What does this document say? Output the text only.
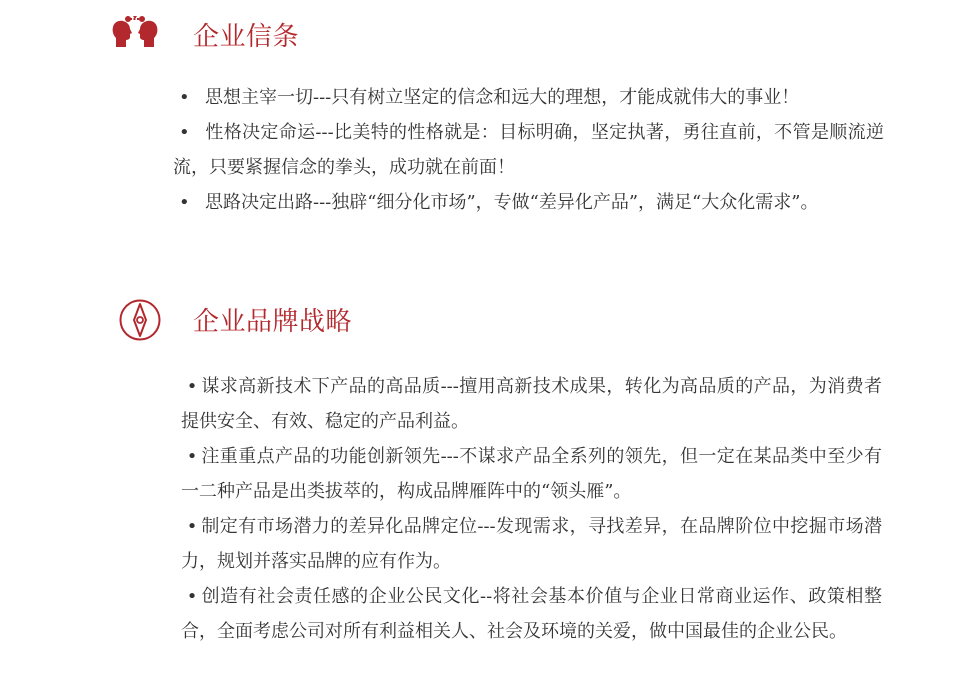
企业信条
• 思想主宰一切---只有树立坚定的信念和远大的理想，才能成就伟大的事业！
• 性格决定命运---比美特的性格就是：目标明确，坚定执著，勇往直前，不管是顺流逆流，只要紧握信念的拳头，成功就在前面！
• 思路决定出路---独辟“细分化市场”，专做“差异化产品”，满足“大众化需求”。
企业品牌战略
• 谋求高新技术下产品的高品质---擅用高新技术成果，转化为高品质的产品，为消费者提供安全、有效、稳定的产品利益。
• 注重重点产品的功能创新领先---不谋求产品全系列的领先，但一定在某品类中至少有一二种产品是出类拔萃的，构成品牌雁阵中的“领头雁”。
• 制定有市场潜力的差异化品牌定位---发现需求，寻找差异，在品牌阶位中挖掘市场潜力，规划并落实品牌的应有作为。
• 创造有社会责任感的企业公民文化--将社会基本价值与企业日常商业运作、政策相整合，全面考虑公司对所有利益相关人、社会及环境的关爱，做中国最佳的企业公民。
